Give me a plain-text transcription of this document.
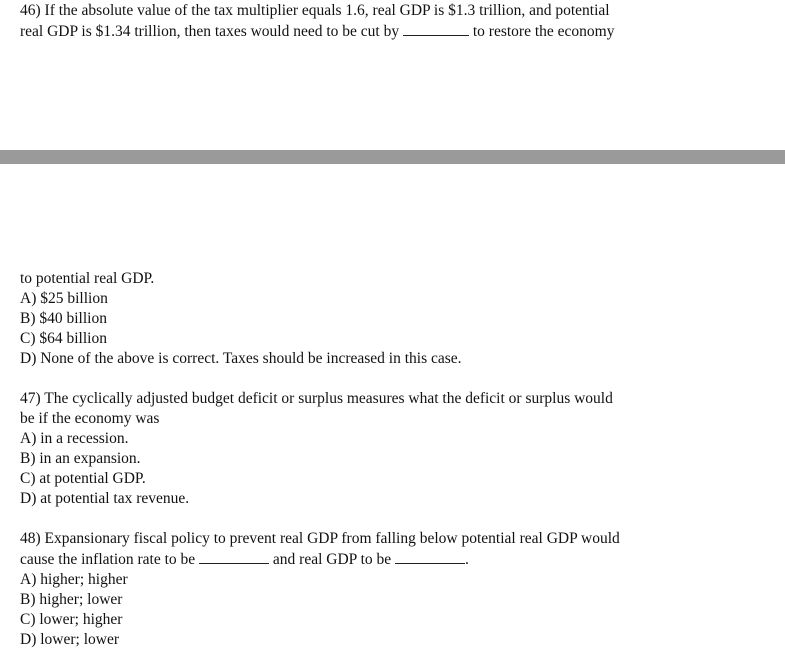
46) If the absolute value of the tax multiplier equals 1.6, real GDP is $1.3 trillion, and potential
real GDP is $1.34 trillion, then taxes would need to be cut by	to restore the economy
to potential real GDP.
A) $25 billion
B) $40 billion
C) $64 billion
D) None of the above is correct. Taxes should be increased in this case.
47) The cyclically adjusted budget deficit or surplus measures what the deficit or surplus would
be if the economy was
A) in a recession.
B) in an expansion.
C) at potential GDP.
D) at potential tax revenue.
48) Expansionary fiscal policy to prevent real GDP from falling below potential real GDP would
cause the inflation rate to be	and real GDP to be	.
A) higher; higher
B) higher; lower
C) lower; higher
D) lower; lower
